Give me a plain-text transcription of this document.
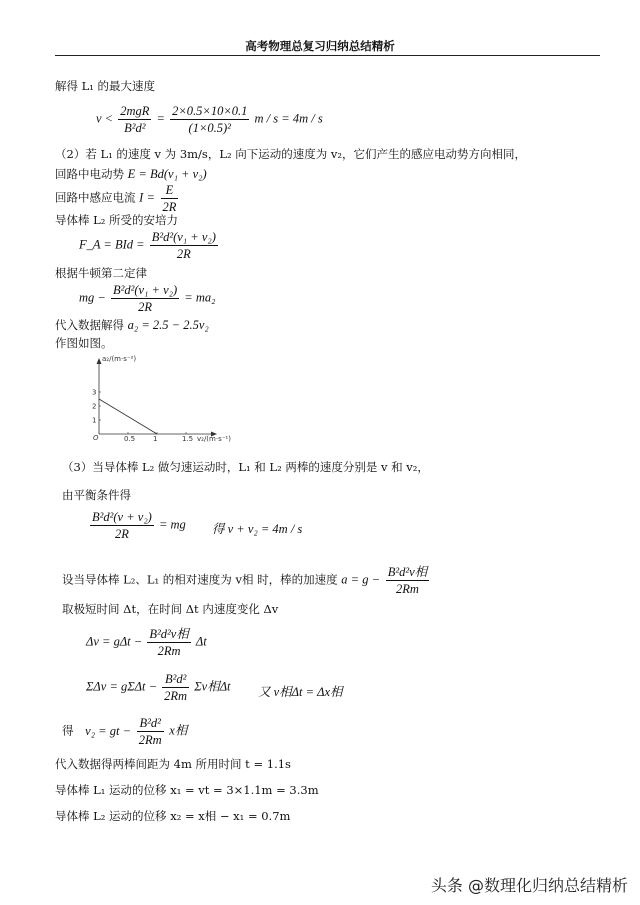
高考物理总复习归纳总结精析
解得 L₁ 的最大速度
$v < \frac{\text{2mgR}}{\text{B²d²}} = \frac{2\times 0.5\times 10\times 0.1}{\text{(1×0.5)²}}$ m / s = 4m / s
（2）若 L₁ 的速度 v 为 3m/s，L₂ 向下运动的速度为 v₂，它们产生的感应电动势方向相同，
回路中电动势 E = Bd(v₁ + v₂)
回路中感应电流 $I = \frac{E}{2R}$
导体棒 L₂ 所受的安培力
F_A = BId = $\frac{\text{B²d²(v₁ + v₂)}}{2R}$
根据牛顿第二定律
mg − $\frac{\text{B²d²(v₁ + v₂)}}{2R} = ma_2$
代入数据解得 a₂ = 2.5 − 2.5v₂
作图如图。
0.5	1	1.5
1
2
3
a₂/(m·s⁻²)
v₂/(m·s⁻¹)
O
（3）当导体棒 L₂ 做匀速运动时，L₁ 和 L₂ 两棒的速度分别是 v 和 v₂，
由平衡条件得
$\frac{\text{B²d²(v + v₂)}}{2R}$ = mg 得 v + v₂ = 4m / s
设当导体棒 L₂、L₁ 的相对速度为 v相 时，棒的加速度 $a = g - \frac{\text{B²d²v相}}{2Rm}$
取极短时间 Δt，在时间 Δt 内速度变化 Δv
$\Delta v = g\Delta t - \frac{\text{B²d²v相}}{2Rm}$ Δt
$\Sigma\Delta v = g\Sigma\Delta t - \frac{\text{B²d²}}{2Rm}$ Σv相Δt 又 v相Δt = Δx相
得 v₂ = gt − $\frac{\text{B²d²}}{2Rm}$ x相
代入数据得两棒间距为 4m 所用时间 t = 1.1s
导体棒 L₁ 运动的位移 x₁ = vt = 3×1.1m = 3.3m
导体棒 L₂ 运动的位移 x₂ = x相 − x₁ = 0.7m
头条 @数理化归纳总结精析
